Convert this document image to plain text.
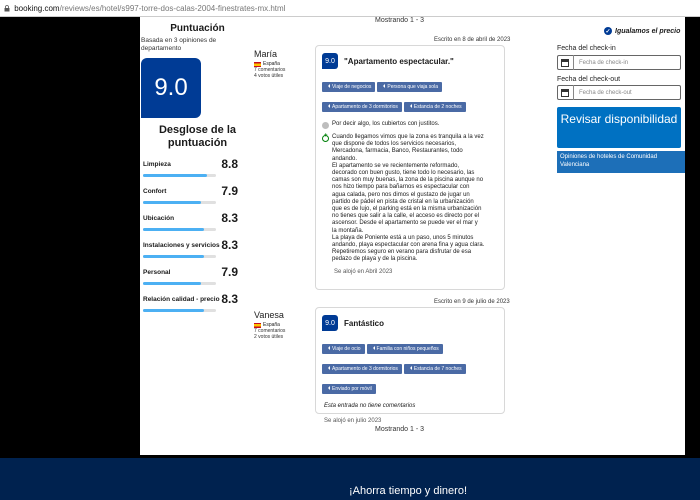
booking.com/reviews/es/hotel/s997-torre-dos-calas-2004-finestrates-mx.html
Puntuación
Basada en 3 opiniones de departamento
9.0
Desglose de la puntuación
Limpieza	8.8
Confort	7.9
Ubicación	8.3
Instalaciones y servicios 8.3
Personal	7.9
Relación calidad - precio 8.3
Mostrando 1 - 3
María
España
7 comentarios
4 votos útiles
Escrito en 8 de abril de 2023
9.0	"Apartamento espectacular."
Viaje de negocios	Persona que viaja solaApartamento de 3 dormitorios	Estancia de 2 noches
Por decir algo, los cubiertos con justitos.
+
Cuando llegamos vimos que la zona es tranquila a la vez
que dispone de todos los servicios necesarios,
Mercadona, farmacia, Banco, Restaurantes, todo
andando.
El apartamento se ve recientemente reformado,
decorado con buen gusto, tiene todo lo necesario, las
camas son muy buenas, la zona de la piscina aunque no
nos hizo tiempo para bañarnos es espectacular con
agua calada, pero nos dimos el gustazo de jugar un
partido de pádel en pista de cristal en la urbanización
que es de lujo, el parking está en la misma urbanización
no tienes que salir a la calle, el acceso es directo por el
ascensor. Desde el apartamento se puede ver el mar y
la montaña.
La playa de Poniente está a un paso, unos 5 minutos
andando, playa espectacular con arena fina y agua clara.
Repetiremos seguro en verano para disfrutar de esa
pedazo de playa y de la piscina.
Se alojó en Abril 2023
Vanesa
España
7 comentarios
2 votos útiles
Escrito en 9 de julio de 2023
9.0	Fantástico
Viaje de ocio	Familia con niños pequeñosApartamento de 3 dormitorios	Estancia de 7 nochesEnviado por móvil
Esta entrada no tiene comentarios
Se alojó en julio 2023
Mostrando 1 - 3
✓ Igualamos el precio
Fecha del check-in
Fecha de check-in
Fecha del check-out
Fecha de check-out
Revisar disponibilidad
Opiniones de hoteles de Comunidad Valenciana
¡Ahorra tiempo y dinero!
